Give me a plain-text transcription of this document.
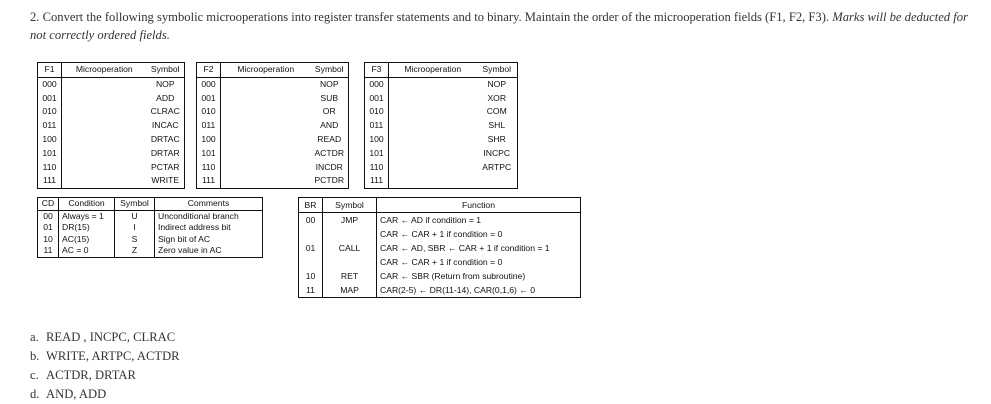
2. Convert the following symbolic microoperations into register transfer statements and to binary. Maintain the order of the microoperation fields (F1, F2, F3). Marks will be deducted for not correctly ordered fields.
F1	Microoperation	Symbol
000		NOP
001		ADD
010		CLRAC
011		INCAC
100		DRTAC
101		DRTAR
110		PCTAR
111		WRITE
F2	Microoperation	Symbol
000		NOP
001		SUB
010		OR
011		AND
100		READ
101		ACTDR
110		INCDR
111		PCTDR
F3	Microoperation	Symbol
000		NOP
001		XOR
010		COM
011		SHL
100		SHR
101		INCPC
110		ARTPC
111		
CD	Condition	Symbol	Comments
00	Always = 1	U	Unconditional branch
01	DR(15)	I	Indirect address bit
10	AC(15)	S	Sign bit of AC
11	AC = 0	Z	Zero value in AC
BR	Symbol	Function
00	JMP	CAR ← AD if condition = 1
		CAR ← CAR + 1 if condition = 0
01	CALL	CAR ← AD, SBR ← CAR + 1 if condition = 1
		CAR ← CAR + 1 if condition = 0
10	RET	CAR ← SBR (Return from subroutine)
11	MAP	CAR(2-5) ← DR(11-14), CAR(0,1,6) ← 0
a. READ , INCPC, CLRAC
b. WRITE, ARTPC, ACTDR
c. ACTDR, DRTAR
d. AND, ADD
